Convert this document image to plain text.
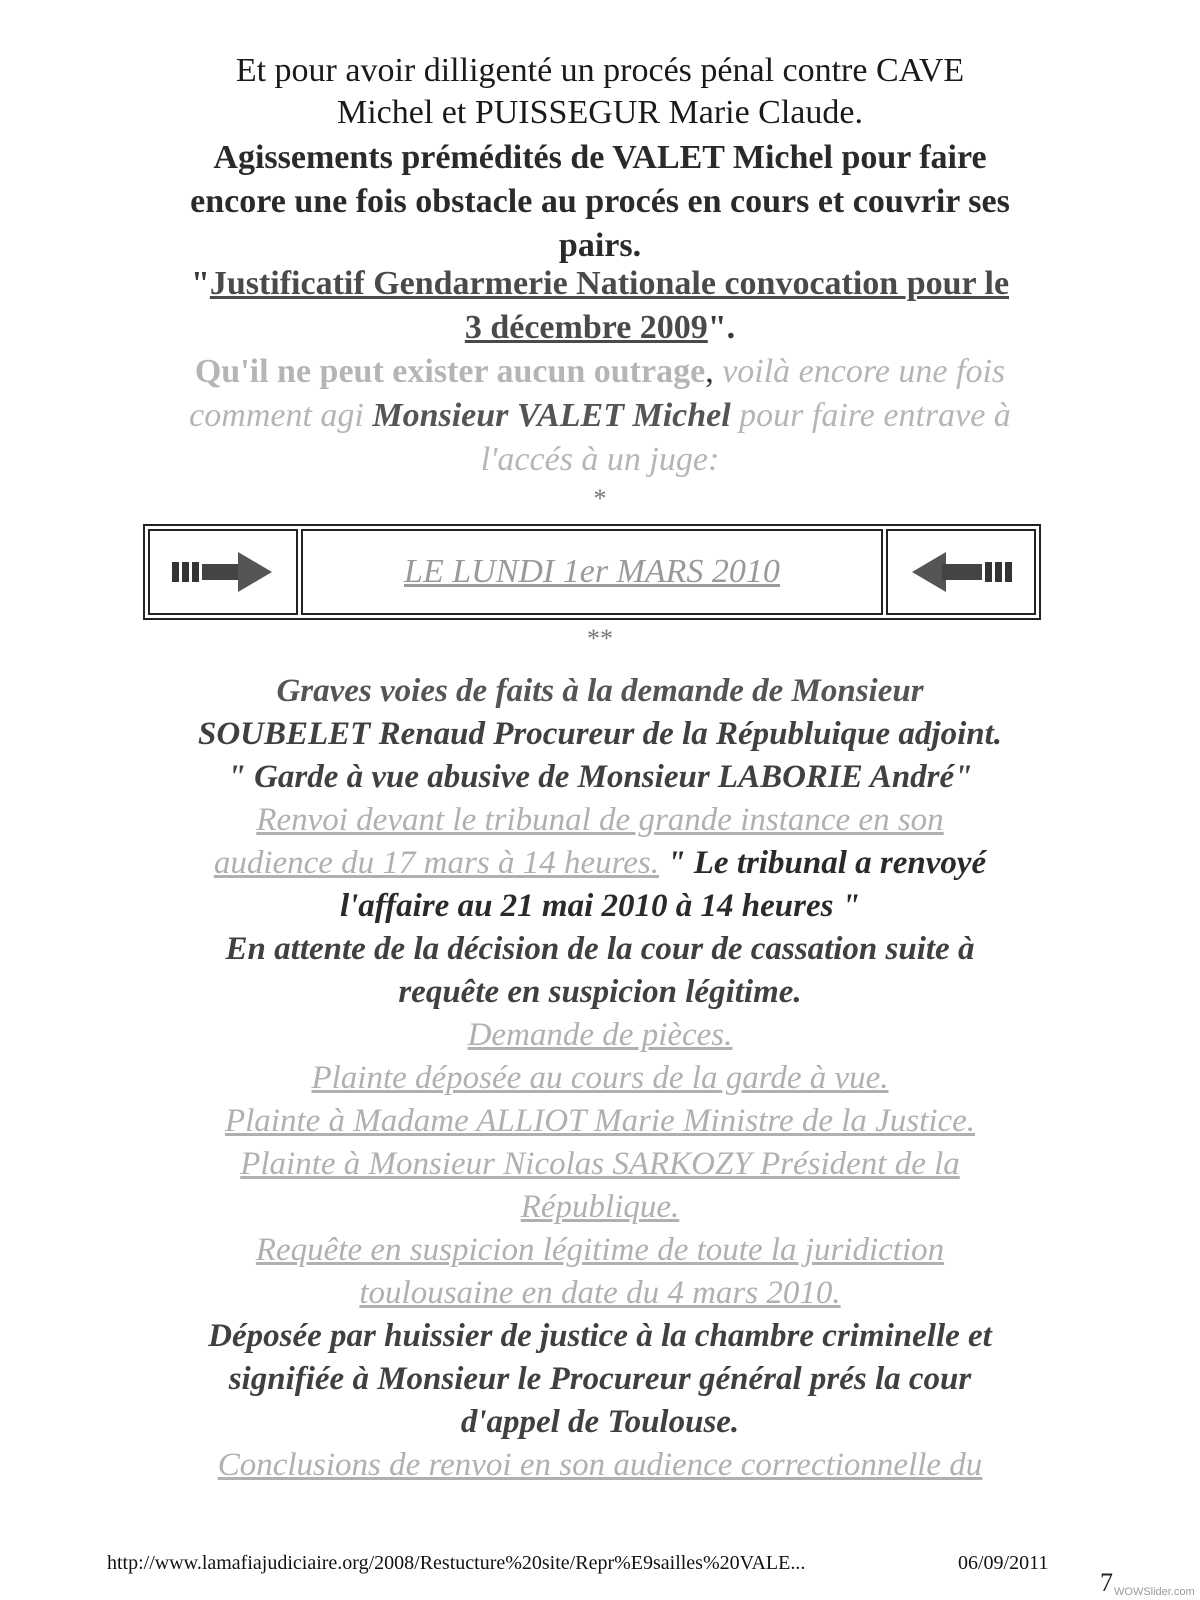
Et pour avoir dilligenté un procés pénal contre CAVE
Michel et PUISSEGUR Marie Claude.
Agissements prémédités de VALET Michel pour faire
encore une fois obstacle au procés en cours et couvrir ses
pairs.
"Justificatif Gendarmerie Nationale convocation pour le
3 décembre 2009".
Qu'il ne peut exister aucun outrage, voilà encore une fois
comment agi Monsieur VALET Michel pour faire entrave à
l'accés à un juge:
*
LE LUNDI 1er MARS 2010
**
Graves voies de faits à la demande de Monsieur
SOUBELET Renaud Procureur de la Républuique adjoint.
" Garde à vue abusive de Monsieur LABORIE André"
Renvoi devant le tribunal de grande instance en son
audience du 17 mars à 14 heures. " Le tribunal a renvoyé
l'affaire au 21 mai 2010 à 14 heures "
En attente de la décision de la cour de cassation suite à
requête en suspicion légitime.
Demande de pièces.
Plainte déposée au cours de la garde à vue.
Plainte à Madame ALLIOT Marie Ministre de la Justice.
Plainte à Monsieur Nicolas SARKOZY Président de la
République.
Requête en suspicion légitime de toute la juridiction
toulousaine en date du 4 mars 2010.
Déposée par huissier de justice à la chambre criminelle et
signifiée à Monsieur le Procureur général prés la cour
d'appel de Toulouse.
Conclusions de renvoi en son audience correctionnelle du
http://www.lamafiajudiciaire.org/2008/Restucture%20site/Repr%E9sailles%20VALE...	06/09/2011
7 WOWSlider.com
